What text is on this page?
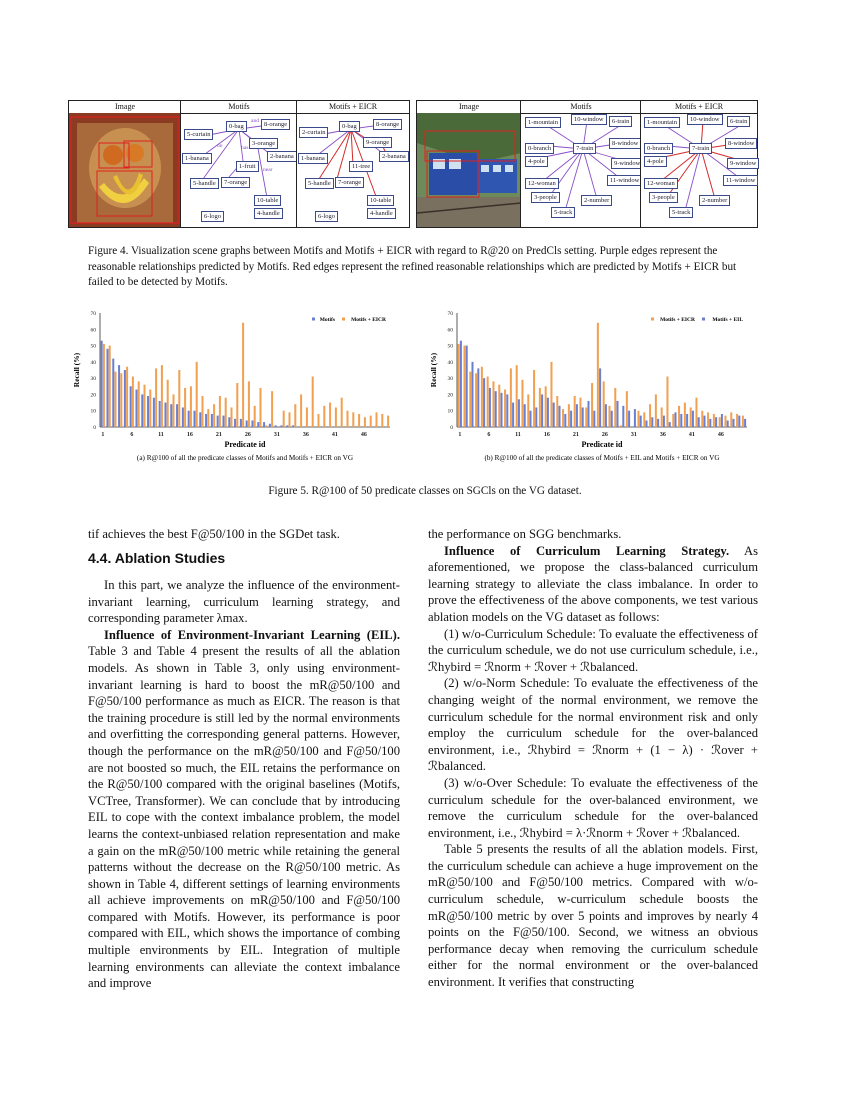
Image	Motifs
and
on
near
has
0-bag	8-orange
5-curtain
3-orange
1-banana	2-banana
1-fruit
5-handle	7-orange
10-table
4-handle
6-logo
Motifs + EICR
0-bag	8-orange
2-curtain
9-orange
1-banana	2-banana
11-tree
5-handle	7-orange
10-table
4-handle
6-logo
Image	Motifs
1-mountain	10-window	6-train
7-train
8-window
0-branch
4-pole	9-window
12-woman	11-window
3-people	2-number
5-track
Motifs + EICR
1-mountain	10-window	6-train
7-train
8-window
0-branch
4-pole	9-window
12-woman	11-window
3-people	2-number
5-track
Figure 4. Visualization scene graphs between Motifs and Motifs + EICR with regard to R@20 on PredCls setting. Purple edges represent the reasonable relationships predicted by Motifs. Red edges represent the refined reasonable relationships which are predicted by Motifs + EICR but failed to be detected by Motifs.
0
10
20
30
40
50
60
70
1	6	11	16	21	26	31	36	41	46
Recall (%)
Predicate id
(a) R@100 of all the predicate classes of Motifs and Motifs + EICR on VG
Motifs + EICR
Motifs
0
10
20
30
40
50
60
70
1	6	11	16	21	26	31	36	41	46
Recall (%)
Predicate id
(b) R@100 of all the predicate classes of Motifs + EIL and Motifs + EICR on VG
Motifs + EIL
Motifs + EICR
Figure 5. R@100 of 50 predicate classes on SGCls on the VG dataset.

tif achieves the best F@50/100 in the SGDet task.

4.4. Ablation Studies

In this part, we analyze the influence of the environment-invariant learning, curriculum learning strategy, and corresponding parameter λmax.

Influence of Environment-Invariant Learning (EIL). Table 3 and Table 4 present the results of all the ablation models. As shown in Table 3, only using environment-invariant learning is hard to boost the mR@50/100 and F@50/100 performance as much as EICR. The reason is that the training procedure is still led by the normal environments and overfitting the corresponding general patterns. However, though the performance on the mR@50/100 and F@50/100 are not boosted so much, the EIL retains the performance on the R@50/100 compared with the original baselines (Motifs, VCTree, Transformer). We can conclude that by introducing EIL to cope with the context imbalance problem, the model learns the context-unbiased relation representation and make a gain on the mR@50/100 metric while retaining the general patterns without the decrease on the R@50/100 metric. As shown in Table 4, different settings of learning environments all achieve improvements on mR@50/100 and F@50/100 compared with Motifs. However, its performance is poor compared with EIL, which shows the importance of combing multiple environments by EIL. Integration of multiple learning environments can alleviate the context imbalance and improve

the performance on SGG benchmarks.

Influence of Curriculum Learning Strategy. As aforementioned, we propose the class-balanced curriculum learning strategy to alleviate the class imbalance. In order to prove the effectiveness of the above components, we test various ablation models on the VG dataset as follows:

(1) w/o-Curriculum Schedule: To evaluate the effectiveness of the curriculum schedule, we do not use curriculum schedule, i.e., ℛhybird = ℛnorm + ℛover + ℛbalanced.

(2) w/o-Norm Schedule: To evaluate the effectiveness of the changing weight of the normal environment, we remove the curriculum schedule for the normal environment risk and only employ the curriculum schedule for the over-balanced environment, i.e., ℛhybird = ℛnorm + (1 − λ) · ℛover + ℛbalanced.

(3) w/o-Over Schedule: To evaluate the effectiveness of the curriculum schedule for the over-balanced environment, we remove the curriculum schedule for the over-balanced environment, i.e., ℛhybird = λ·ℛnorm + ℛover + ℛbalanced.

Table 5 presents the results of all the ablation models. First, the curriculum schedule can achieve a huge improvement on the mR@50/100 and F@50/100 metrics. Compared with w/o-curriculum schedule, w-curriculum schedule boosts the mR@50/100 metric by over 5 points and improves by nearly 4 points on the F@50/100. Second, we witness an obvious performance decay when removing the curriculum schedule either for the normal environment or the over-balanced environment. It verifies that constructing
